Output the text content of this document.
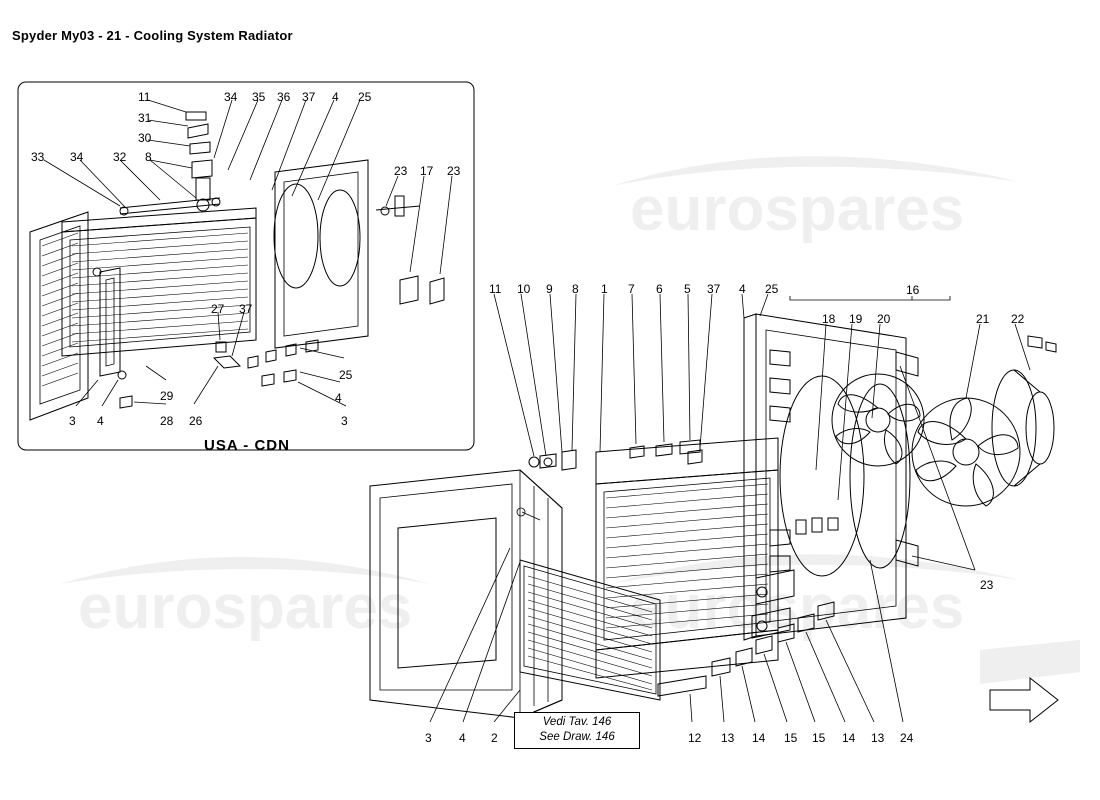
eurospares
eurospares	eurospares
Spyder My03 - 21 - Cooling System Radiator
USA - CDN
Vedi Tav. 146
See Draw. 146
11
31
30
34 35 36 37 4 25
33 34 32 8
23 17 23
27 37
25
29	4
3 4	28 26	3
11 10 9 8 1 7 6 5 37 4 25	16
18 19 20	21 22
23
3 4 2	12 13 14 15 15 14 13 24
